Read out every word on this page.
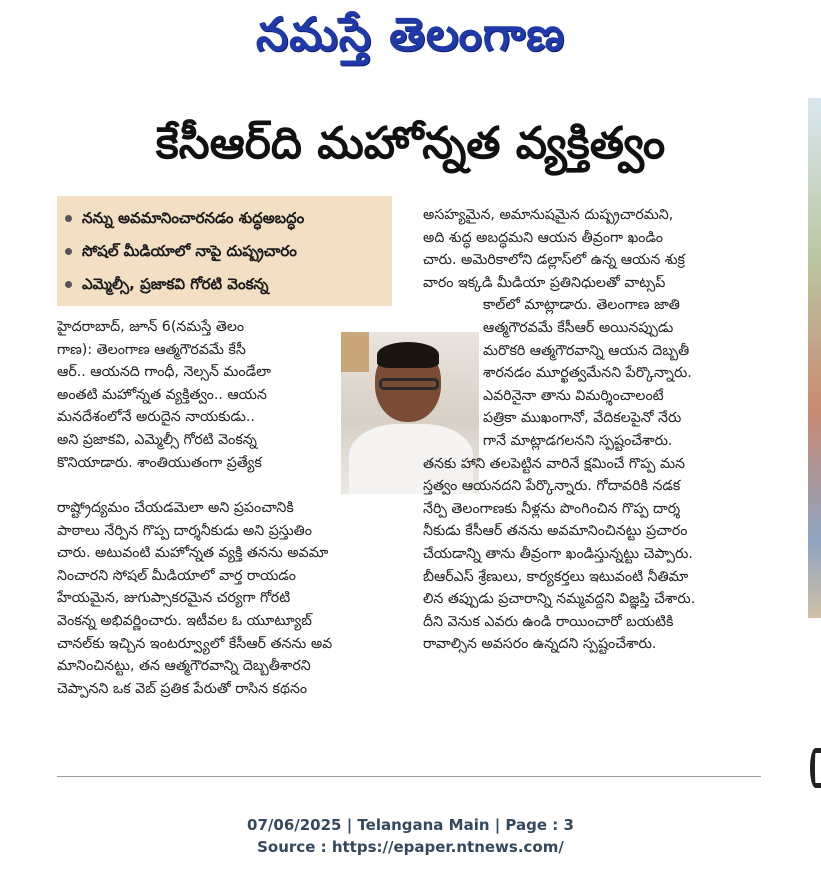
నమస్తే తెలంగాణ
కేసీఆర్‌ది మహోన్నత వ్యక్తిత్వం
నన్ను అవమానించారనడం శుద్ధఅబద్ధం
సోషల్ మీడియాలో నాపై దుష్ప్రచారం
ఎమ్మెల్సీ, ప్రజాకవి గోరటి వెంకన్న
హైదరాబాద్, జూన్ 6(నమస్తే తెలం
గాణ): తెలంగాణ ఆత్మగౌరవమే కేసీ
ఆర్.. ఆయనది గాంధీ, నెల్సన్ మండేలా
అంతటి మహోన్నత వ్యక్తిత్వం.. ఆయన
మనదేశంలోనే అరుదైన నాయకుడు..
అని ప్రజాకవి, ఎమ్మెల్సీ గోరటి వెంకన్న
కొనియాడారు. శాంతియుతంగా ప్రత్యేక
రాష్ట్రోద్యమం చేయడమెలా అని ప్రపంచానికి
పాఠాలు నేర్పిన గొప్ప దార్శనీకుడు అని ప్రస్తుతిం
చారు. అటువంటి మహోన్నత వ్యక్తి తనను అవమా
నించారని సోషల్ మీడియాలో వార్త రాయడం
హేయమైన, జుగుప్సాకరమైన చర్యగా గోరటి
వెంకన్న అభివర్ణించారు. ఇటీవల ఓ యూట్యూబ్
చానల్‌కు ఇచ్చిన ఇంటర్వ్యూలో కేసీఆర్ తనను అవ
మానించినట్టు, తన ఆత్మగౌరవాన్ని దెబ్బతీశారని
చెప్పానని ఒక వెబ్ ప్రతిక పేరుతో రాసిన కథనం
అసహ్యమైన, అమానుషమైన దుష్ప్రచారమని,
అది శుద్ధ అబద్ధమని ఆయన తీవ్రంగా ఖండిం
చారు. అమెరికాలోని డల్లాస్‌లో ఉన్న ఆయన శుక్ర
వారం ఇక్కడి మీడియా ప్రతినిధులతో వాట్సప్
కాల్‌లో మాట్లాడారు. తెలంగాణ జాతి
ఆత్మగౌరవమే కేసీఆర్ అయినప్పుడు
మరొకరి ఆత్మగౌరవాన్ని ఆయన దెబ్బతీ
శారనడం మూర్ఖత్వమేనని పేర్కొన్నారు.
ఎవరినైనా తాను విమర్శించాలంటే
పత్రికా ముఖంగానో, వేదికలపైనో నేరు
గానే మాట్లాడగలనని స్పష్టంచేశారు.
తనకు హాని తలపెట్టిన వారినే క్షమించే గొప్ప మన
స్తత్వం ఆయనదని పేర్కొన్నారు. గోదావరికి నడక
నేర్పి తెలంగాణకు నీళ్లను పొంగించిన గొప్ప దార్శ
నీకుడు కేసీఆర్ తనను అవమానించినట్టు ప్రచారం
చేయడాన్ని తాను తీవ్రంగా ఖండిస్తున్నట్టు చెప్పారు.
బీఆర్‌ఎస్ శ్రేణులు, కార్యకర్తలు ఇటువంటి నీతిమా
లిన తప్పుడు ప్రచారాన్ని నమ్మవద్దని విజ్ఞప్తి చేశారు.
దీని వెనుక ఎవరు ఉండి రాయించారో బయటికి
రావాల్సిన అవసరం ఉన్నదని స్పష్టంచేశారు.
07/06/2025 | Telangana Main | Page : 3
Source : https://epaper.ntnews.com/
